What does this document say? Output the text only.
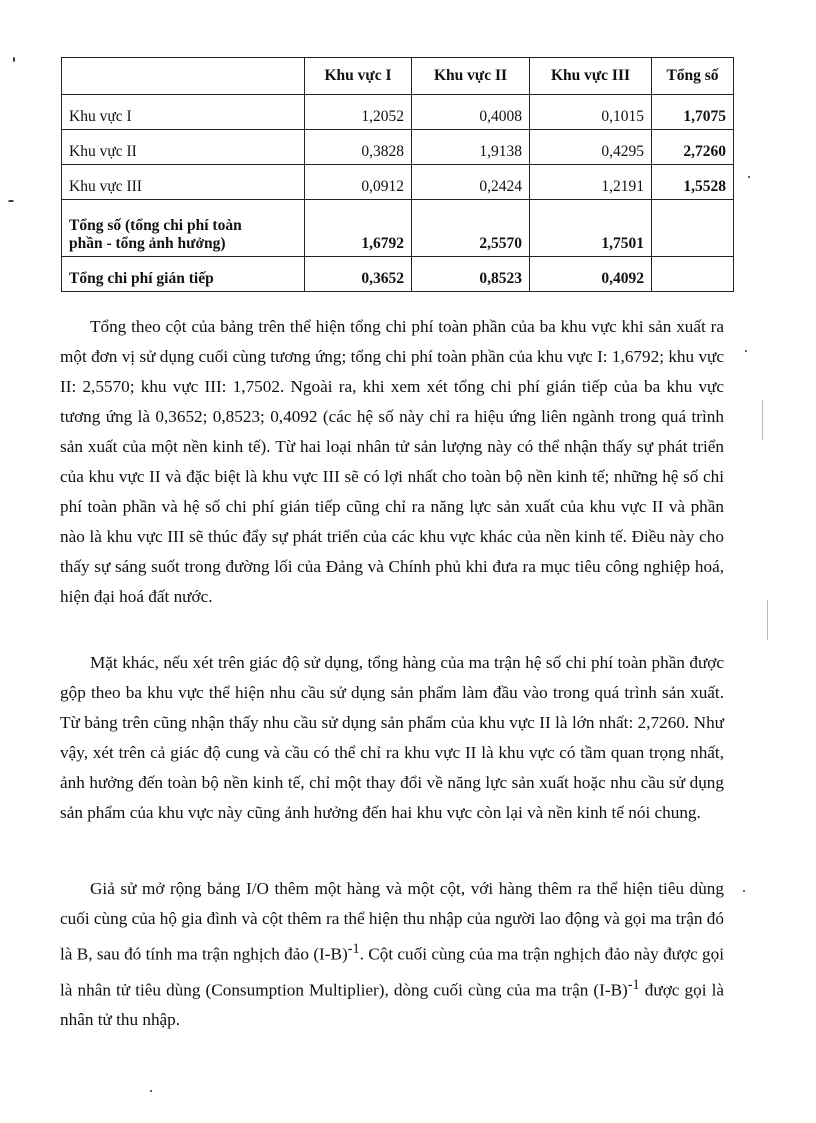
	Khu vực I	Khu vực II	Khu vực III	Tổng số
Khu vực I	1,2052	0,4008	0,1015	1,7075
Khu vực II	0,3828	1,9138	0,4295	2,7260
Khu vực III	0,0912	0,2424	1,2191	1,5528

Tổng số (tổng chi phí toàn
phần - tổng ảnh hưởng)	1,6792	2,5570	1,7501	
Tổng chi phí gián tiếp	0,3652	0,8523	0,4092	

Tổng theo cột của bảng trên thể hiện tổng chi phí toàn phần của ba khu vực khi sản xuất ra một đơn vị sử dụng cuối cùng tương ứng; tổng chi phí toàn phần của khu vực I: 1,6792; khu vực II: 2,5570; khu vực III: 1,7502. Ngoài ra, khi xem xét tổng chi phí gián tiếp của ba khu vực tương ứng là 0,3652; 0,8523; 0,4092 (các hệ số này chỉ ra hiệu ứng liên ngành trong quá trình sản xuất của một nền kinh tế). Từ hai loại nhân tử sản lượng này có thể nhận thấy sự phát triển của khu vực II và đặc biệt là khu vực III sẽ có lợi nhất cho toàn bộ nền kinh tế; những hệ số chi phí toàn phần và hệ số chi phí gián tiếp cũng chỉ ra năng lực sản xuất của khu vực II và phần nào là khu vực III sẽ thúc đẩy sự phát triển của các khu vực khác của nền kinh tế. Điều này cho thấy sự sáng suốt trong đường lối của Đảng và Chính phủ khi đưa ra mục tiêu công nghiệp hoá, hiện đại hoá đất nước.

Mặt khác, nếu xét trên giác độ sử dụng, tổng hàng của ma trận hệ số chi phí toàn phần được gộp theo ba khu vực thể hiện nhu cầu sử dụng sản phẩm làm đầu vào trong quá trình sản xuất. Từ bảng trên cũng nhận thấy nhu cầu sử dụng sản phẩm của khu vực II là lớn nhất: 2,7260. Như vậy, xét trên cả giác độ cung và cầu có thể chỉ ra khu vực II là khu vực có tầm quan trọng nhất, ảnh hưởng đến toàn bộ nền kinh tế, chỉ một thay đổi về năng lực sản xuất hoặc nhu cầu sử dụng sản phẩm của khu vực này cũng ảnh hưởng đến hai khu vực còn lại và nền kinh tế nói chung.

Giả sử mở rộng bảng I/O thêm một hàng và một cột, với hàng thêm ra thể hiện tiêu dùng cuối cùng của hộ gia đình và cột thêm ra thể hiện thu nhập của người lao động và gọi ma trận đó là B, sau đó tính ma trận nghịch đảo $(I-B)^{-1}$. Cột cuối cùng của ma trận nghịch đảo này được gọi là nhân tử tiêu dùng (Consumption Multiplier), dòng cuối cùng của ma trận $(I-B)^{-1}$ được gọi là nhân tử thu nhập.
